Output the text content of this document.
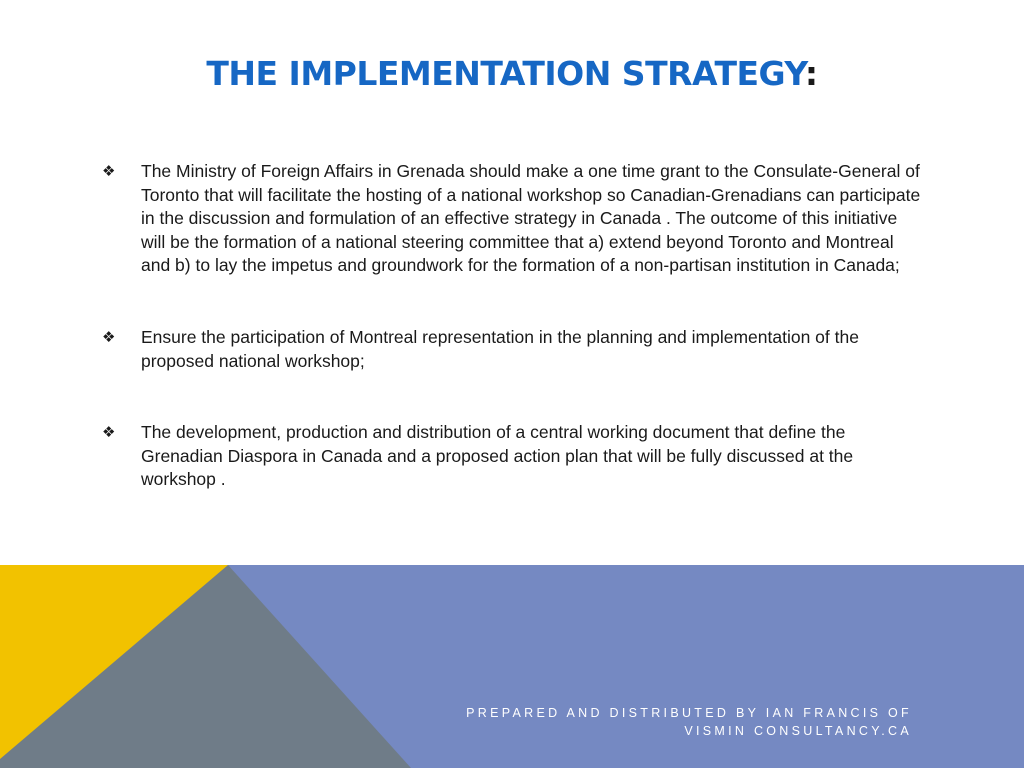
THE IMPLEMENTATION STRATEGY:
❖ The Ministry of Foreign Affairs in Grenada should make a one time grant to the Consulate-General of Toronto that will facilitate the hosting of a national workshop so Canadian-Grenadians can participate in the discussion and formulation of an effective strategy in Canada . The outcome of this initiative will be the formation of a national steering committee that a) extend beyond Toronto and Montreal and b) to lay the impetus and groundwork for the formation of a non-partisan institution in Canada;
❖ Ensure the participation of Montreal representation in the planning and implementation of the proposed national workshop;
❖ The development, production and distribution of a central working document that define the Grenadian Diaspora in Canada and a proposed action plan that will be fully discussed at the workshop .
PREPARED AND DISTRIBUTED BY IAN FRANCIS OF
VISMIN CONSULTANCY.CA
